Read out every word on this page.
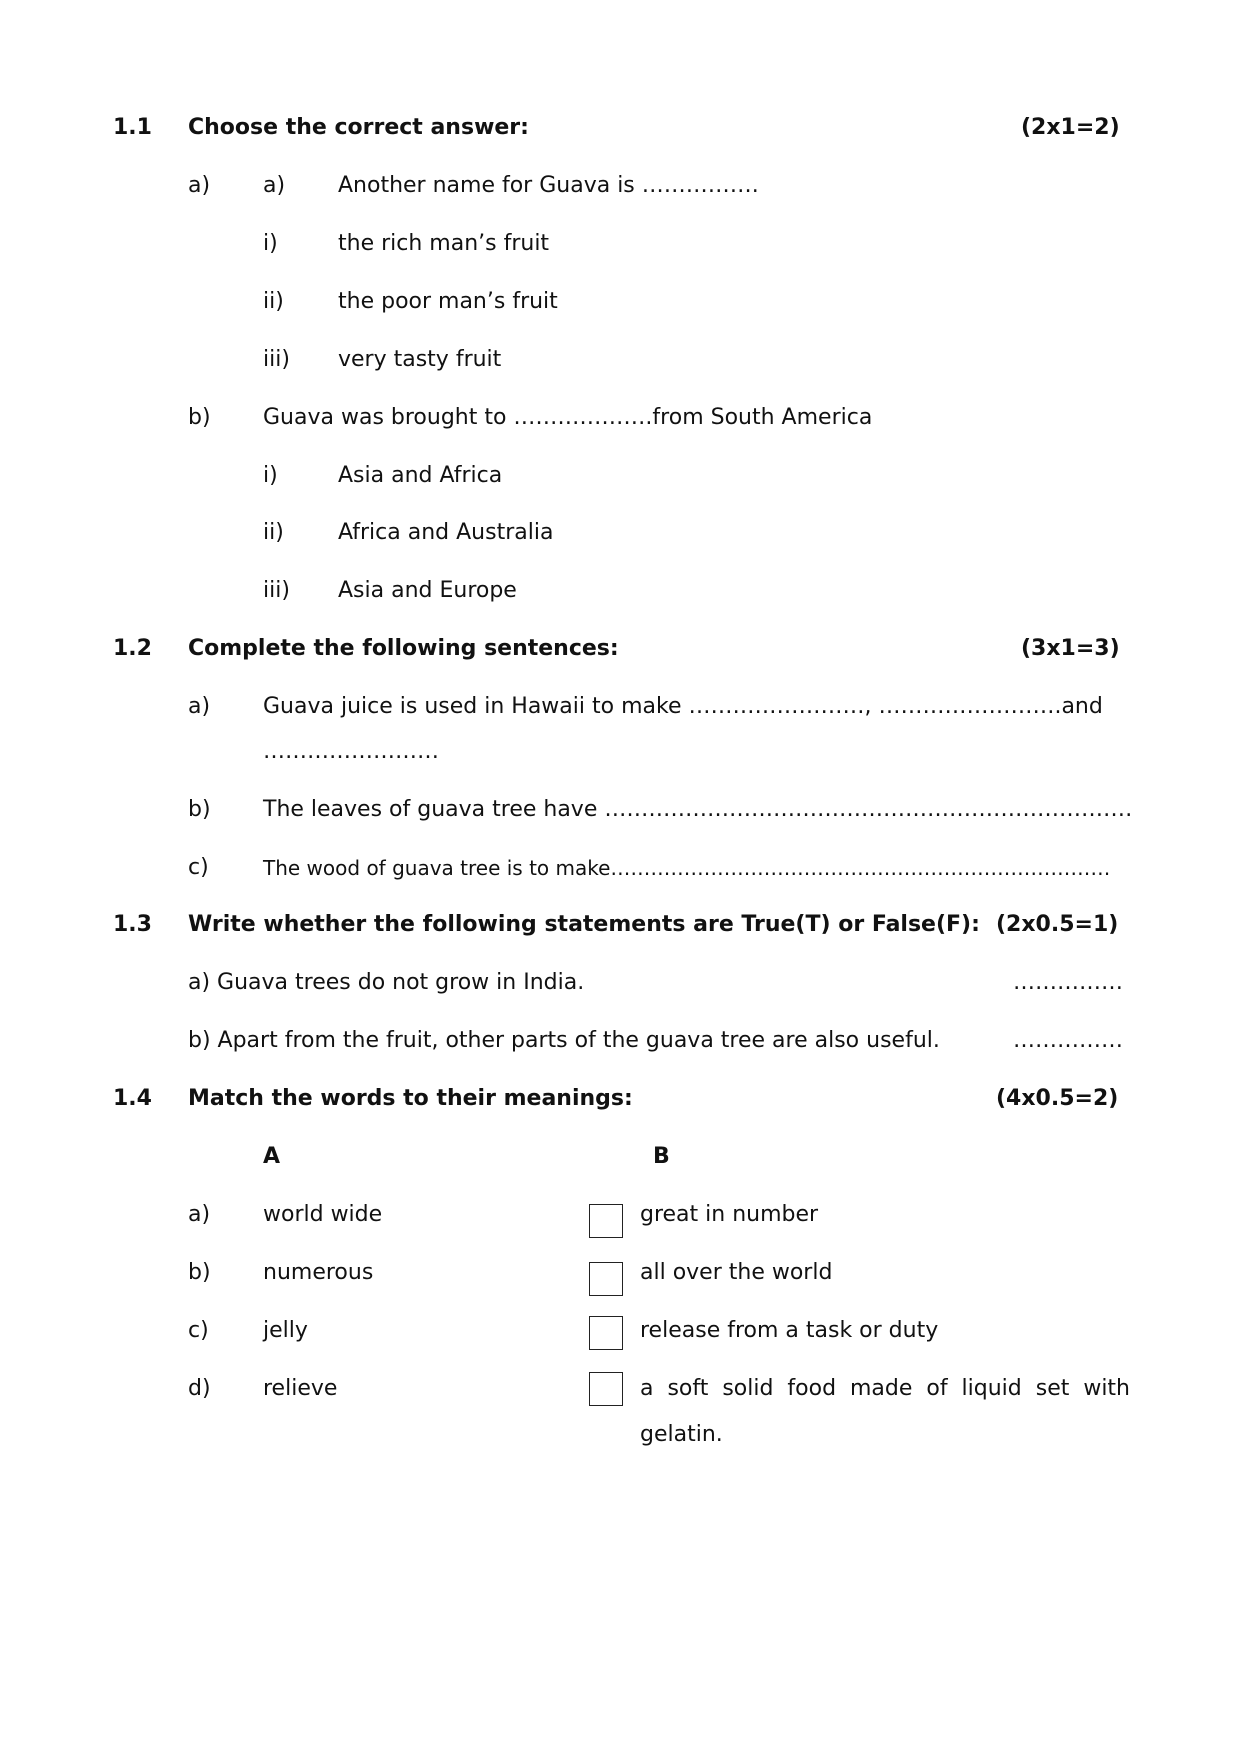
1.1 Choose the correct answer:	(2x1=2)
a) a) Another name for Guava is …………….
i)	the rich man’s fruit
ii) the poor man’s fruit
iii) very tasty fruit
b) Guava was brought to ……………….from South America
i)	Asia and Africa
ii) Africa and Australia
iii) Asia and Europe
1.2 Complete the following sentences:	(3x1=3)
a) Guava juice is used in Hawaii to make ……………………, …………………….and
……………………
b) The leaves of guava tree have ………………………………………………………………
c)	The wood of guava tree is to make…………………………………………………………………
1.3 Write whether the following statements are True(T) or False(F): (2x0.5=1)
a) Guava trees do not grow in India.	……………
b) Apart from the fruit, other parts of the guava tree are also useful.	……………
1.4 Match the words to their meanings:	(4x0.5=2)
A	B
a) world wide	great in number
b) numerous	all over the world
c) jelly	release from a task or duty
d) relieve	a soft solid food made of liquid set with gelatin.
